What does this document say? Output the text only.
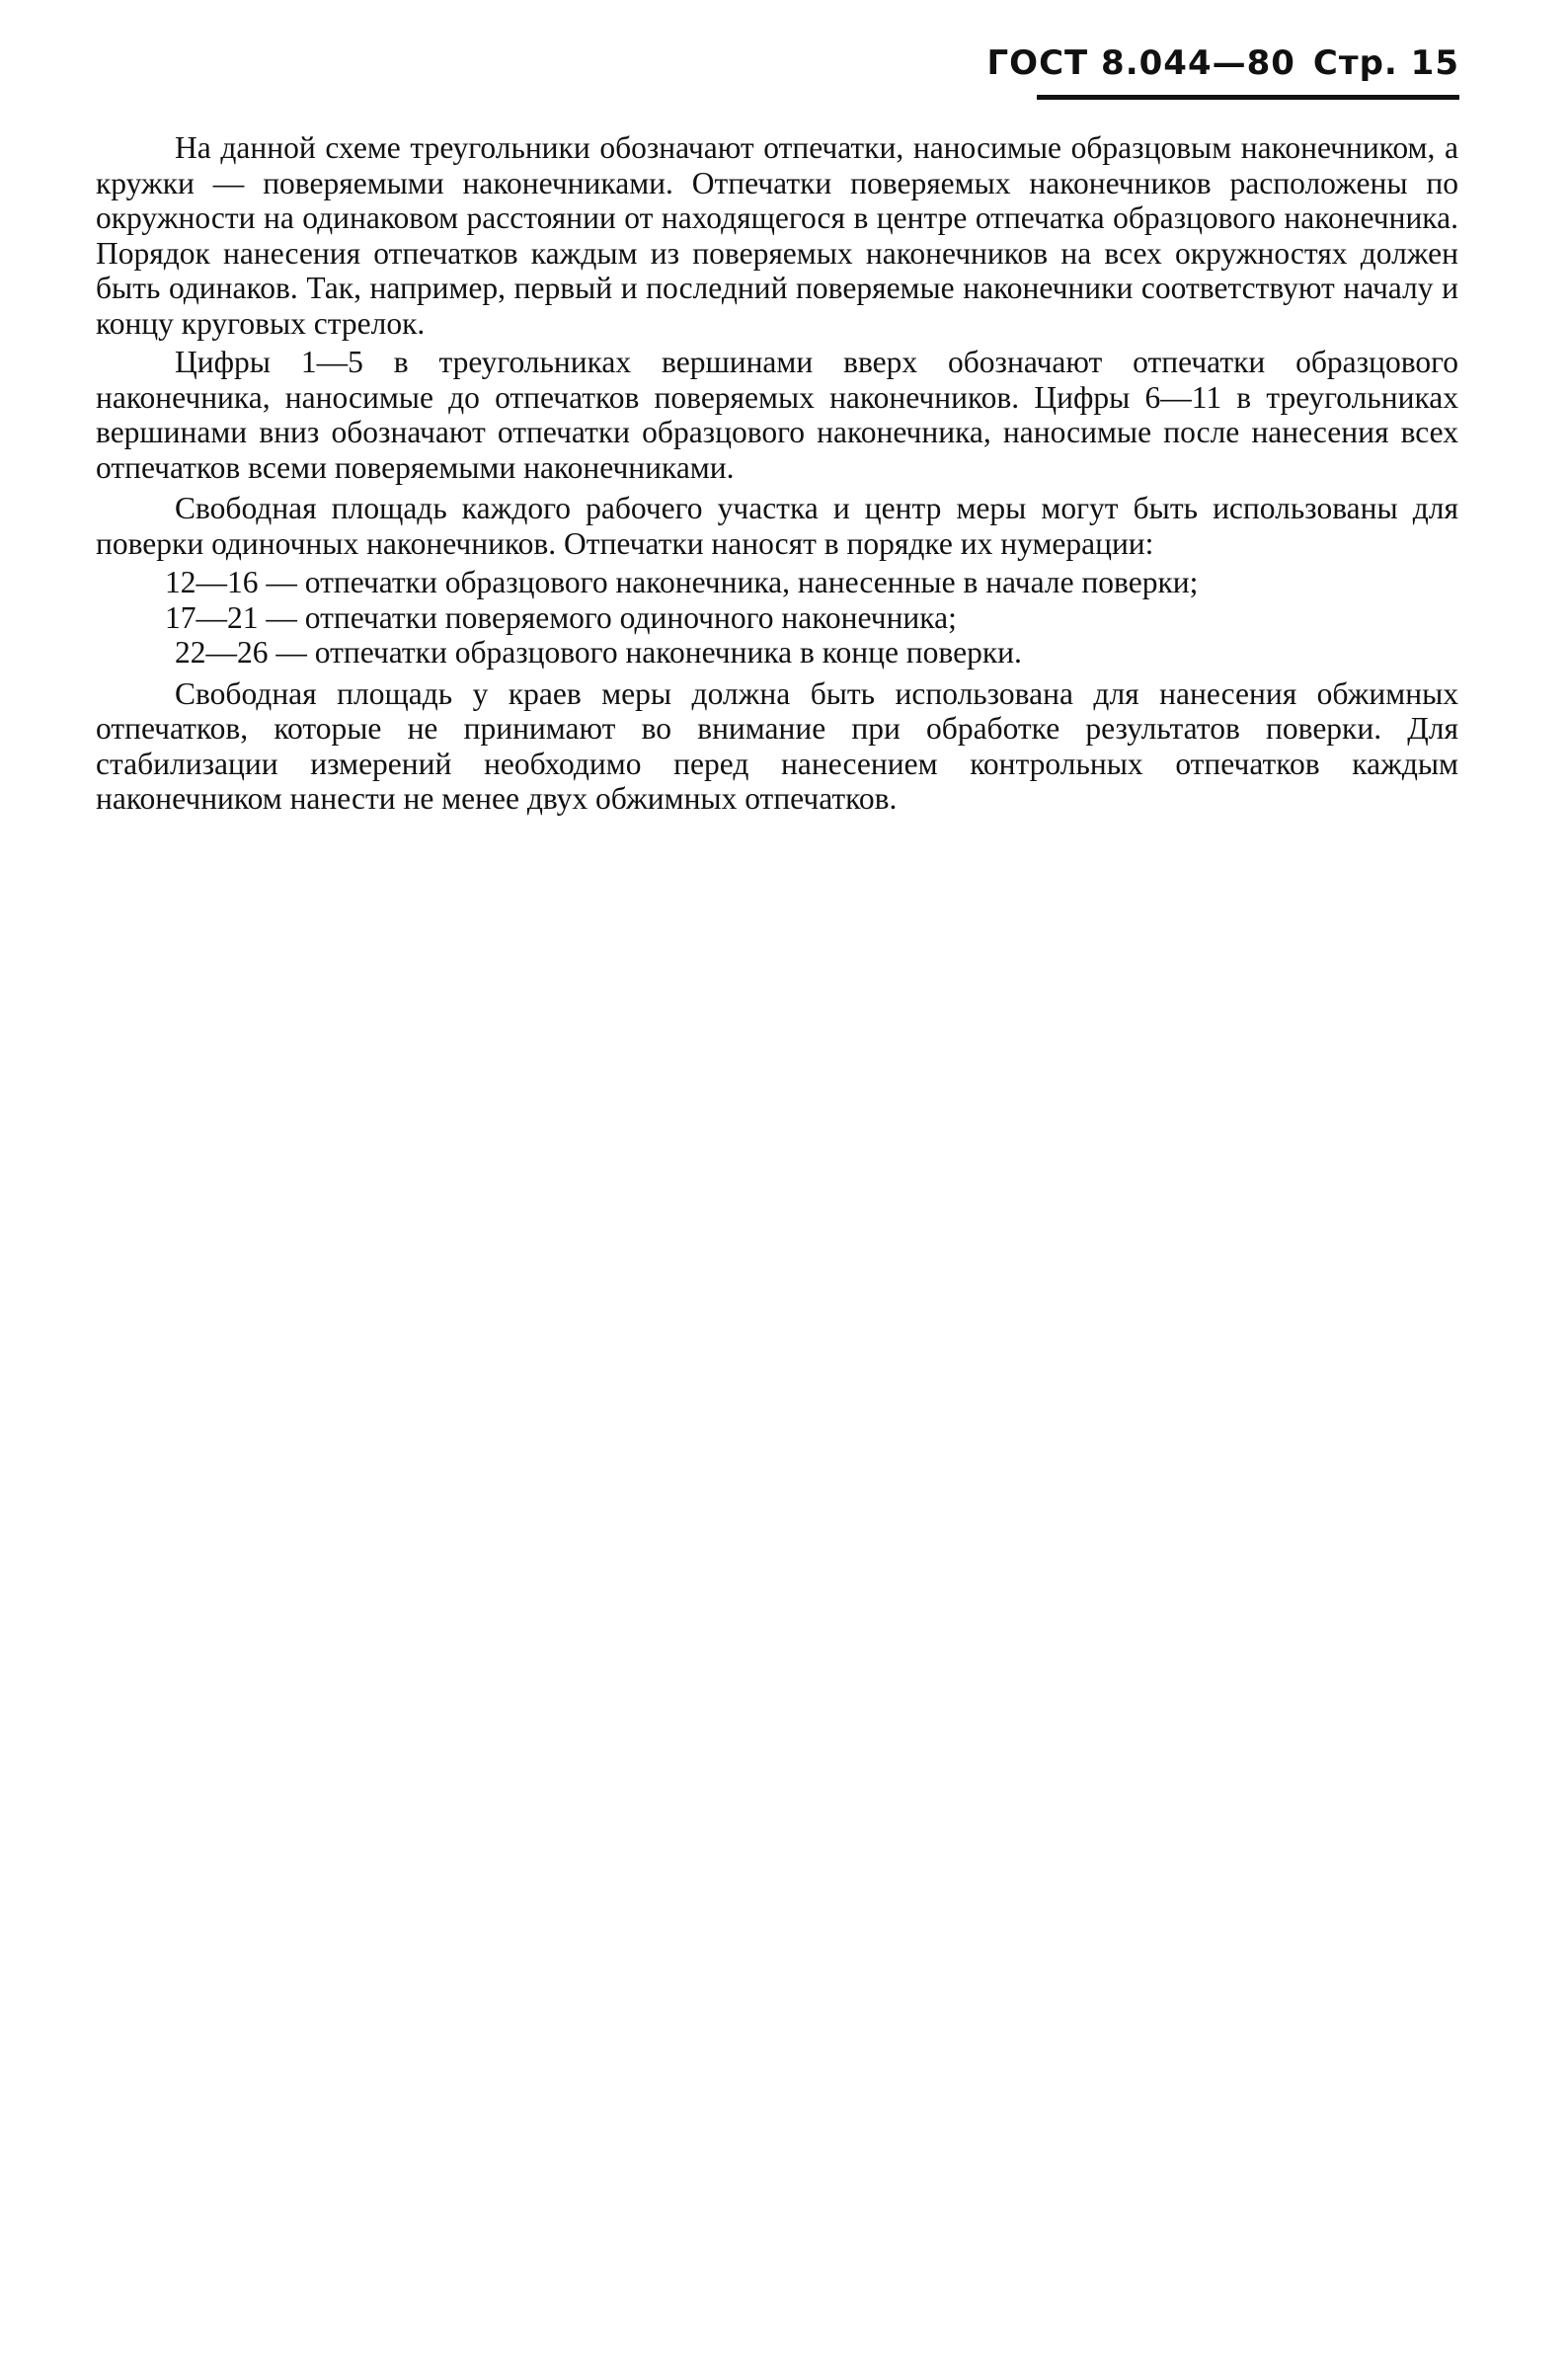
ГОСТ 8.044—80 Стр. 15

На данной схеме треугольники обозначают отпечатки, наносимые образцовым наконечником, а кружки — поверяемыми наконечниками. Отпечатки поверяемых наконечников расположены по окружности на одинаковом расстоянии от находящегося в центре отпечатка образцового наконечника. Порядок нанесения отпечатков каждым из поверяемых наконечников на всех окружностях должен быть одинаков. Так, например, первый и последний поверяемые наконечники соответствуют началу и концу круговых стрелок.

Цифры 1—5 в треугольниках вершинами вверх обозначают отпечатки образцового наконечника, наносимые до отпечатков поверяемых наконечников. Цифры 6—11 в треугольниках вершинами вниз обозначают отпечатки образцового наконечника, наносимые после нанесения всех отпечатков всеми поверяемыми наконечниками.

Свободная площадь каждого рабочего участка и центр меры могут быть использованы для поверки одиночных наконечников. Отпечатки наносят в порядке их нумерации:

12—16 — отпечатки образцового наконечника, нанесенные в начале поверки;

17—21 — отпечатки поверяемого одиночного наконечника;

22—26 — отпечатки образцового наконечника в конце поверки.

Свободная площадь у краев меры должна быть использована для нанесения обжимных отпечатков, которые не принимают во внимание при обработке результатов поверки. Для стабилизации измерений необходимо перед нанесением контрольных отпечатков каждым наконечником нанести не менее двух обжимных отпечатков.
